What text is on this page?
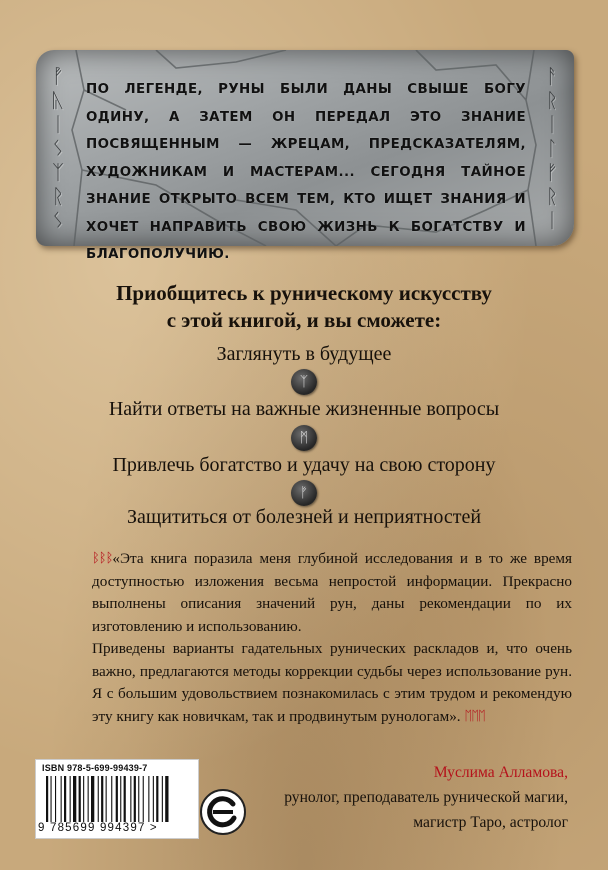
ᚡ
ᚣ
ᛁ
ᛊ
ᛉ
ᚱ
ᛊ
ᚨ
ᚱ
ᛁ
ᛚ
ᚠ
ᚱ
ᛁ
ПО ЛЕГЕНДЕ, РУНЫ БЫЛИ ДАНЫ СВЫШЕ БОГУ ОДИНУ, А ЗАТЕМ ОН ПЕРЕДАЛ ЭТО ЗНАНИЕ ПОСВЯЩЕННЫМ — ЖРЕЦАМ, ПРЕДСКАЗАТЕЛЯМ, ХУДОЖНИКАМ И МАСТЕРАМ... СЕГОДНЯ ТАЙНОЕ ЗНАНИЕ ОТКРЫТО ВСЕМ ТЕМ, КТО ИЩЕТ ЗНАНИЯ И ХОЧЕТ НАПРАВИТЬ СВОЮ ЖИЗНЬ К БОГАТСТВУ И БЛАГОПОЛУЧИЮ.
Приобщитесь к руническому искусству
с этой книгой, и вы сможете:
Заглянуть в будущее
ᛉ
Найти ответы на важные жизненные вопросы
ᛗ
Привлечь богатство и удачу на свою сторону
ᚠ
Защититься от болезней и неприятностей

ᛒᛒᛒ«Эта книга поразила меня глубиной исследования и в то же время доступностью изложения весьма непростой информации. Прекрасно выполнены описания значений рун, даны рекомендации по их изготовлению и использованию.

Приведены варианты гадательных рунических раскладов и, что очень важно, предлагаются методы коррекции судьбы через использование рун. Я с большим удовольствием познакомилась с этим трудом и рекомендую эту книгу как новичкам, так и продвинутым рунологам». ᛖᛖᛖ

Муслима Алламова,
рунолог, преподаватель рунической магии,
магистр Таро, астролог
ISBN 978-5-699-99439-7
9 785699 994397 >
